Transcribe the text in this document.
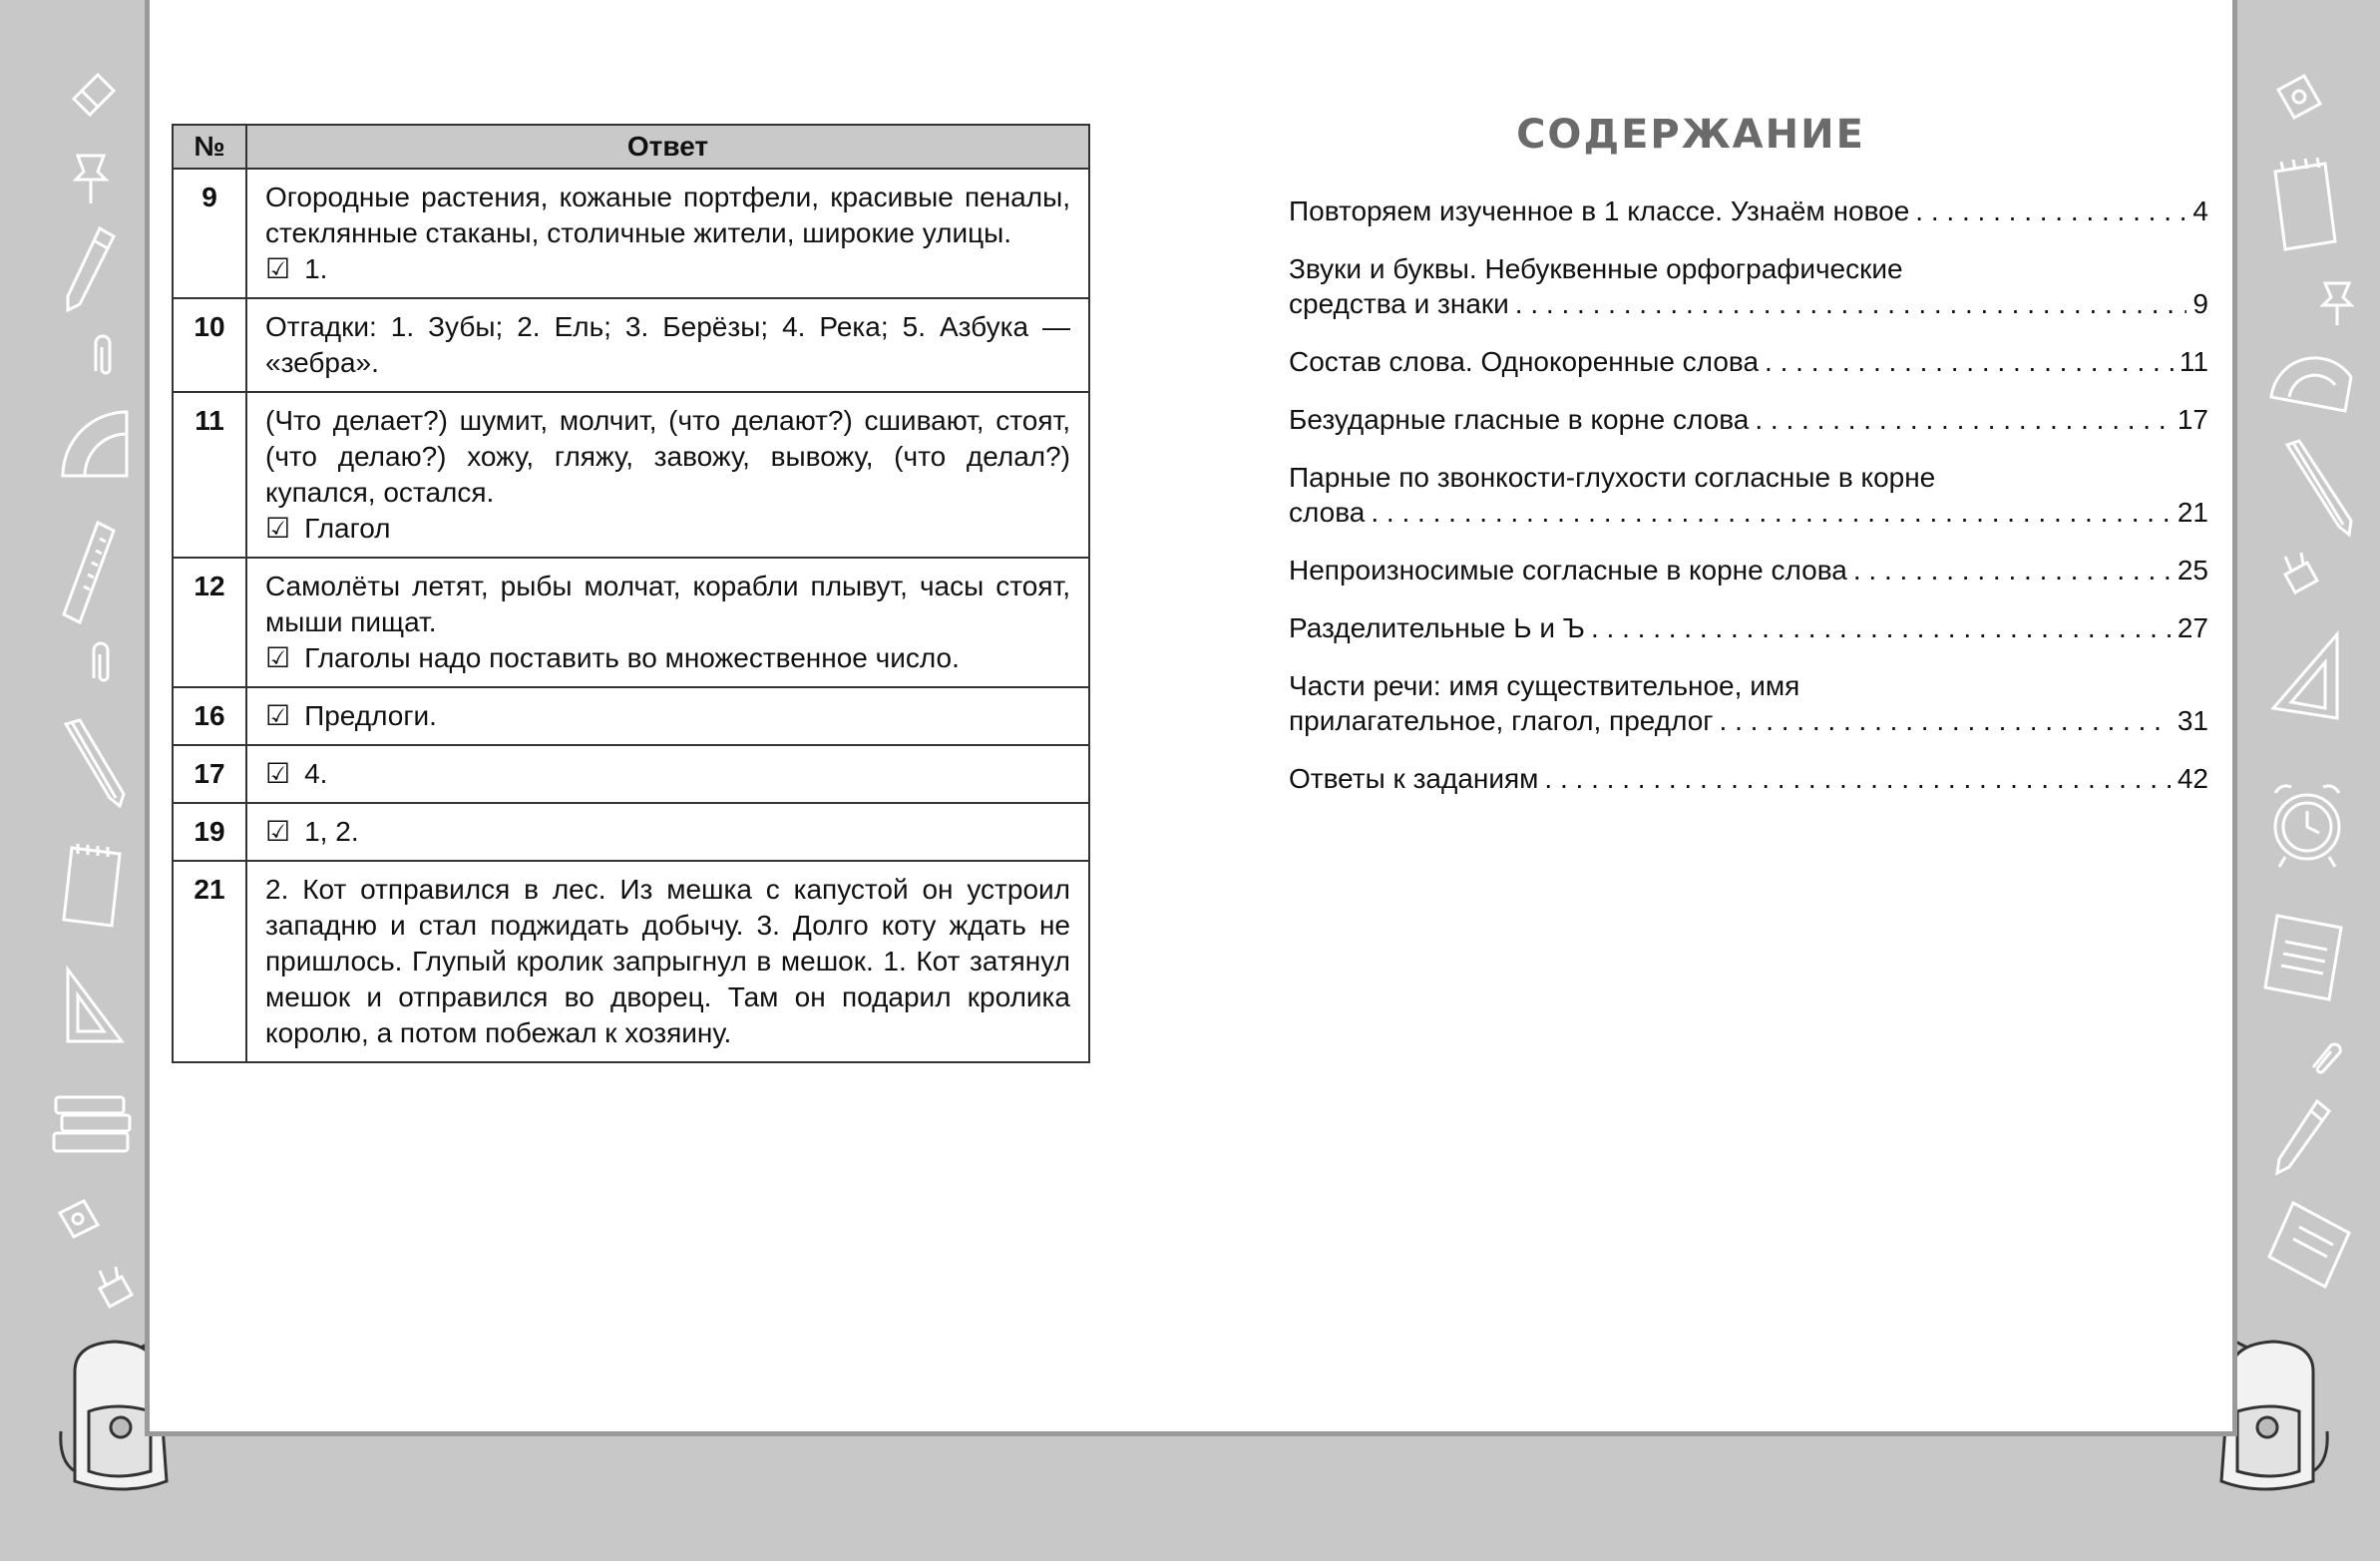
№	Ответ
9	Огородные растения, кожаные портфели, красивые пеналы, стеклянные стаканы, столичные жители, широкие улицы.

☑ 1.

10	Отгадки: 1. Зубы; 2. Ель; 3. Берёзы; 4. Река; 5. Азбука — «зебра».

11	(Что делает?) шумит, молчит, (что делают?) сшивают, стоят, (что делаю?) хожу, гляжу, завожу, вывожу, (что делал?) купался, остался.

☑ Глагол

12	Самолёты летят, рыбы молчат, корабли плывут, часы стоят, мыши пищат.

☑ Глаголы надо поставить во множественное число.

16	☑ Предлоги.

17	☑ 4.

19	☑ 1, 2.

21	2. Кот отправился в лес. Из мешка с капустой он устроил западню и стал поджидать добычу. 3. Долго коту ждать не пришлось. Глупый кролик запрыгнул в мешок. 1. Кот затянул мешок и отправился во дворец. Там он подарил кролика королю, а потом побежал к хозяину.

СОДЕРЖАНИЕ
Повторяем изученное в 1 классе. Узнаём новое . . .	4
Звуки и буквы. Небуквенные орфографические
средства и знаки . . .	9
Состав слова. Однокоренные слова . . .	11
Безударные гласные в корне слова . . .	17
Парные по звонкости-глухости согласные в корне
слова . . .	21
Непроизносимые согласные в корне слова . . .	25
Разделительные Ь и Ъ . . .	27
Части речи: имя существительное, имя
прилагательное, глагол, предлог . . .	31
Ответы к заданиям . . .	42
